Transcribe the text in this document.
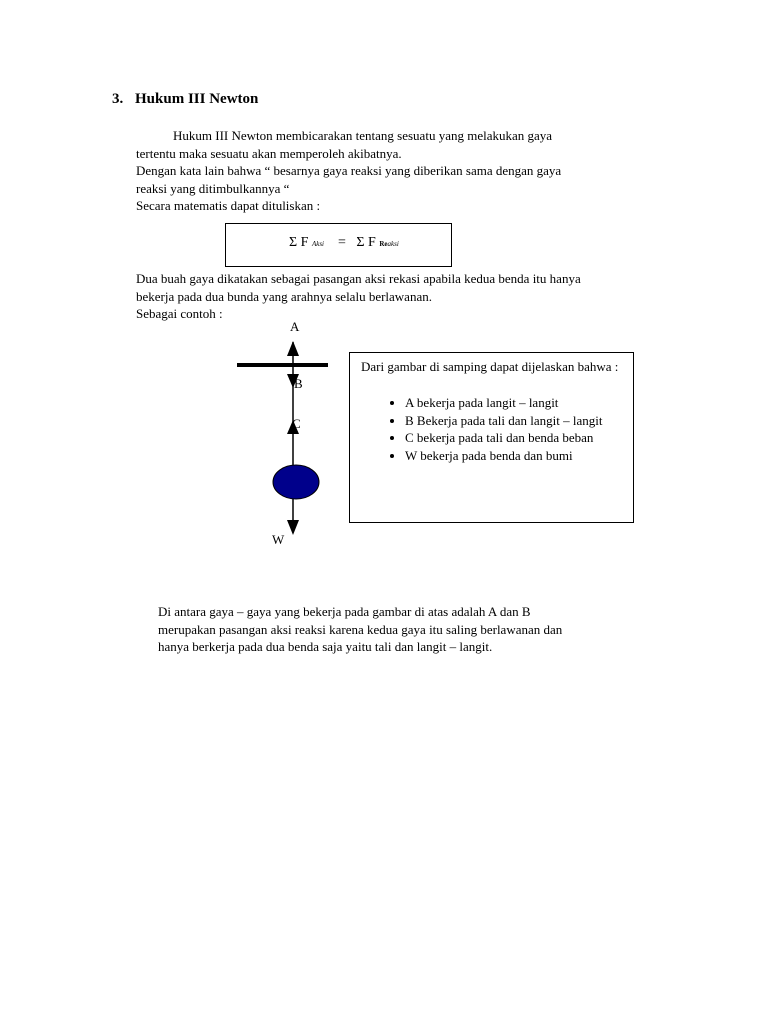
3. Hukum III Newton
Hukum III Newton membicarakan tentang sesuatu yang melakukan gaya
tertentu maka sesuatu akan memperoleh akibatnya.
Dengan kata lain bahwa “ besarnya gaya reaksi yang diberikan sama dengan gaya
reaksi yang ditimbulkannya “
Secara matematis dapat dituliskan :
Σ F Aksi = Σ F Reaksi
Dua buah gaya dikatakan sebagai pasangan aksi rekasi apabila kedua benda itu hanya
bekerja pada dua bunda yang arahnya selalu berlawanan.
Sebagai contoh :
A
B
C
W
Dari gambar di samping dapat dijelaskan bahwa :
• A bekerja pada langit – langit
• B Bekerja pada tali dan langit – langit
• C bekerja pada tali dan benda beban
• W bekerja pada benda dan bumi
Di antara gaya – gaya yang bekerja pada gambar di atas adalah A dan B
merupakan pasangan aksi reaksi karena kedua gaya itu saling berlawanan dan
hanya berkerja pada dua benda saja yaitu tali dan langit – langit.
